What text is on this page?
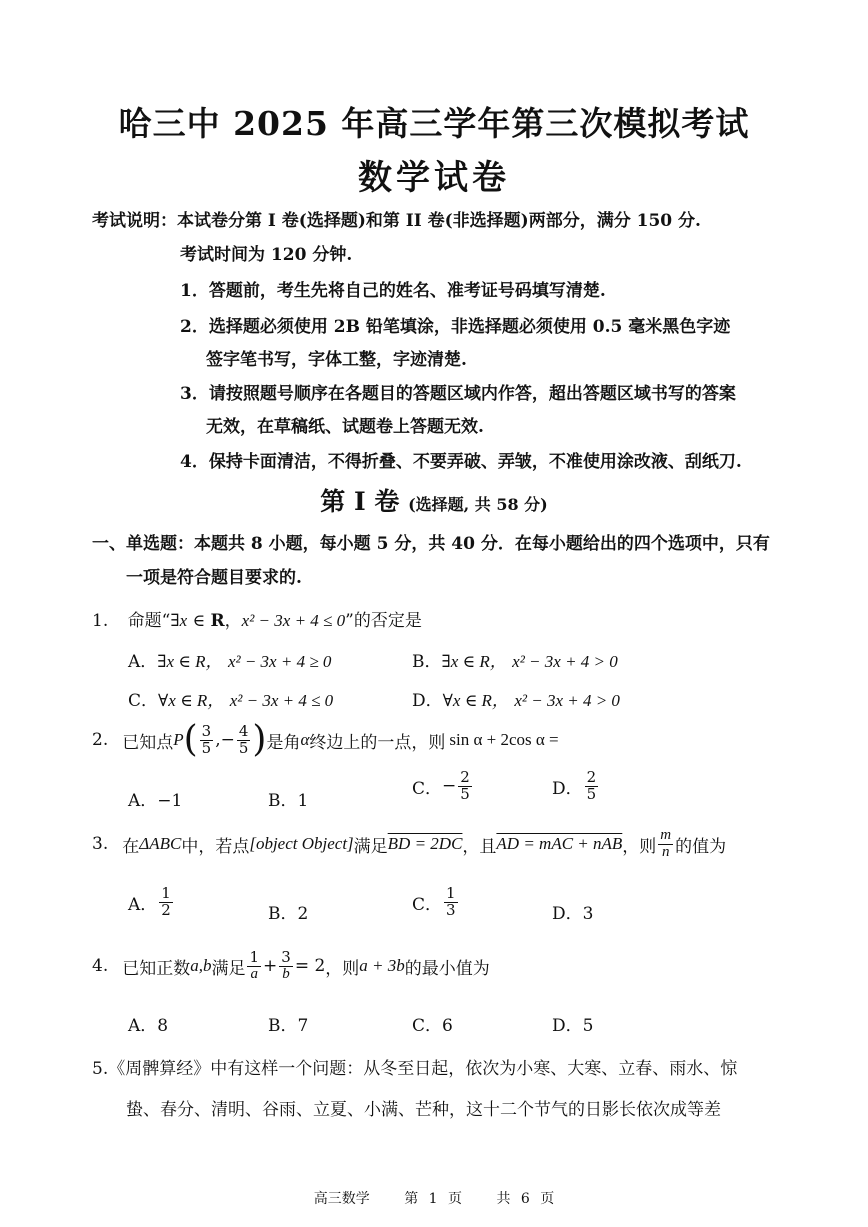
哈三中 2025 年高三学年第三次模拟考试
数学试卷
考试说明：本试卷分第 I 卷(选择题)和第 II 卷(非选择题)两部分，满分 150 分.
考试时间为 120 分钟.
1．答题前，考生先将自己的姓名、准考证号码填写清楚.
2．选择题必须使用 2B 铅笔填涂，非选择题必须使用 0.5 毫米黑色字迹
签字笔书写，字体工整，字迹清楚.
3．请按照题号顺序在各题目的答题区域内作答，超出答题区域书写的答案
无效，在草稿纸、试题卷上答题无效.
4．保持卡面清洁，不得折叠、不要弄破、弄皱，不准使用涂改液、刮纸刀.
第 I 卷 (选择题, 共 58 分)
一、单选题：本题共 8 小题，每小题 5 分，共 40 分．在每小题给出的四个选项中，只有
一项是符合题目要求的.
1. 命题“∃x ∈ R，x² − 3x + 4 ≤ 0”的否定是
A．∃x ∈ R， x² − 3x + 4 ≥ 0	B．∃x ∈ R， x² − 3x + 4 > 0
C．∀x ∈ R， x² − 3x + 4 ≤ 0	D．∀x ∈ R， x² − 3x + 4 > 0
2. 已知点 P ( $\frac{3}{5}$ ,− $\frac{4}{5}$ ) 是角 α 终边上的一点，则 sin α + 2cos α =
A．−1	B．1
C． − $\frac{2}{5}$	D． $\frac{2}{5}$
3. 在 ΔABC 中，若点 [object Object] 满足 BD = 2DC ，且 AD = mAC + nAB ，则 $\frac{m}{n}$ 的值为
A． $\frac{1}{2}$	B．2	C． $\frac{1}{3}$	D．3
4. 已知正数 a,b 满足 $\frac{1}{a} + \frac{3}{b} = 2$ ，则 a + 3b 的最小值为
A．8	B．7	C．6	D．5
5.《周髀算经》中有这样一个问题：从冬至日起，依次为小寒、大寒、立春、雨水、惊
蛰、春分、清明、谷雨、立夏、小满、芒种，这十二个节气的日影长依次成等差
高三数学 第 1 页 共 6 页
